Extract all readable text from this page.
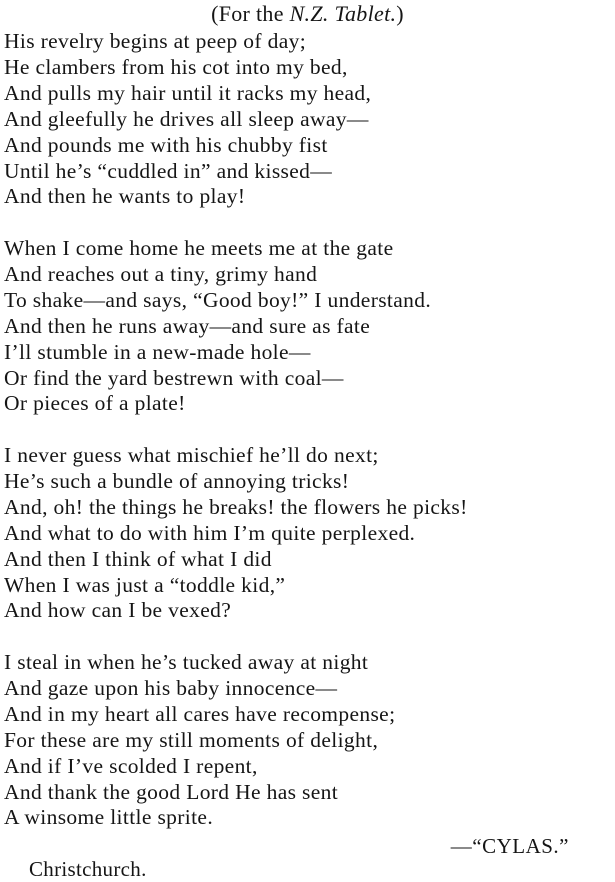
(For the N.Z. Tablet.)
His revelry begins at peep of day;
He clambers from his cot into my bed,
And pulls my hair until it racks my head,
And gleefully he drives all sleep away—
And pounds me with his chubby fist
Until he’s “cuddled in” and kissed—
And then he wants to play!
When I come home he meets me at the gate
And reaches out a tiny, grimy hand
To shake—and says, “Good boy!” I understand.
And then he runs away—and sure as fate
I’ll stumble in a new-made hole—
Or find the yard bestrewn with coal—
Or pieces of a plate!
I never guess what mischief he’ll do next;
He’s such a bundle of annoying tricks!
And, oh! the things he breaks! the flowers he picks!
And what to do with him I’m quite perplexed.
And then I think of what I did
When I was just a “toddle kid,”
And how can I be vexed?
I steal in when he’s tucked away at night
And gaze upon his baby innocence—
And in my heart all cares have recompense;
For these are my still moments of delight,
And if I’ve scolded I repent,
And thank the good Lord He has sent
A winsome little sprite.
—“CYLAS.”
Christchurch.
